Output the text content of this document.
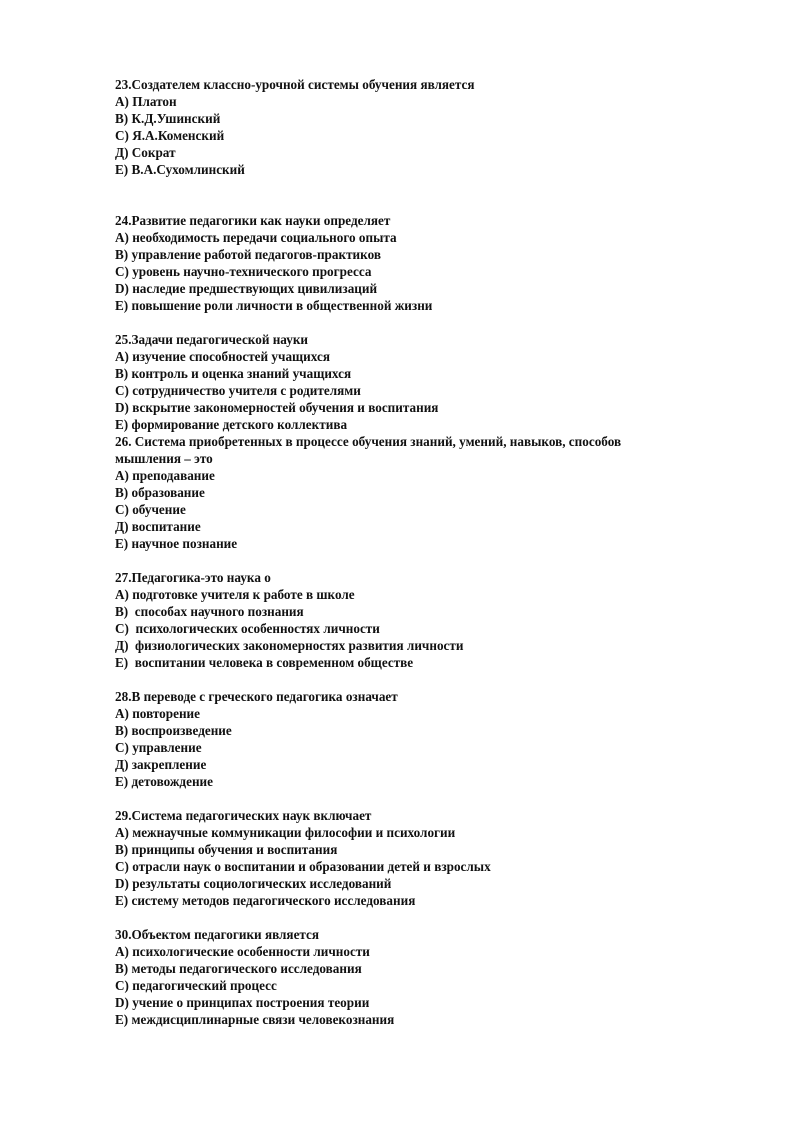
23.Создателем классно-урочной системы обучения является

А) Платон

В) К.Д.Ушинский

С) Я.А.Коменский

Д) Сократ

Е) В.А.Сухомлинский

24.Развитие педагогики как науки определяет

А) необходимость передачи социального опыта

В) управление работой педагогов-практиков

С) уровень научно-технического прогресса

D) наследие предшествующих цивилизаций

Е) повышение роли личности в общественной жизни

25.Задачи педагогической науки

А) изучение способностей учащихся

В) контроль и оценка знаний учащихся

С) сотрудничество учителя с родителями

D) вскрытие закономерностей обучения и воспитания

Е) формирование детского коллектива

26. Система приобретенных в процессе обучения знаний, умений, навыков, способов

мышления – это

А) преподавание

В) образование

С) обучение

Д) воспитание

Е) научное познание

27.Педагогика-это наука о

А) подготовке учителя к работе в школе

В)  способах научного познания

С)  психологических особенностях личности

Д)  физиологических закономерностях развития личности

Е)  воспитании человека в современном обществе

28.В переводе с греческого педагогика означает

А) повторение

В) воспроизведение

С) управление

Д) закрепление

Е) детовождение

29.Система педагогических наук включает

А) межнаучные коммуникации философии и психологии

В) принципы обучения и воспитания

С) отрасли наук о воспитании и образовании детей и взрослых

D) результаты социологических исследований

Е) систему методов педагогического исследования

30.Объектом педагогики является

А) психологические особенности личности

В) методы педагогического исследования

С) педагогический процесс

D) учение о принципах построения теории

Е) междисциплинарные связи человекознания
